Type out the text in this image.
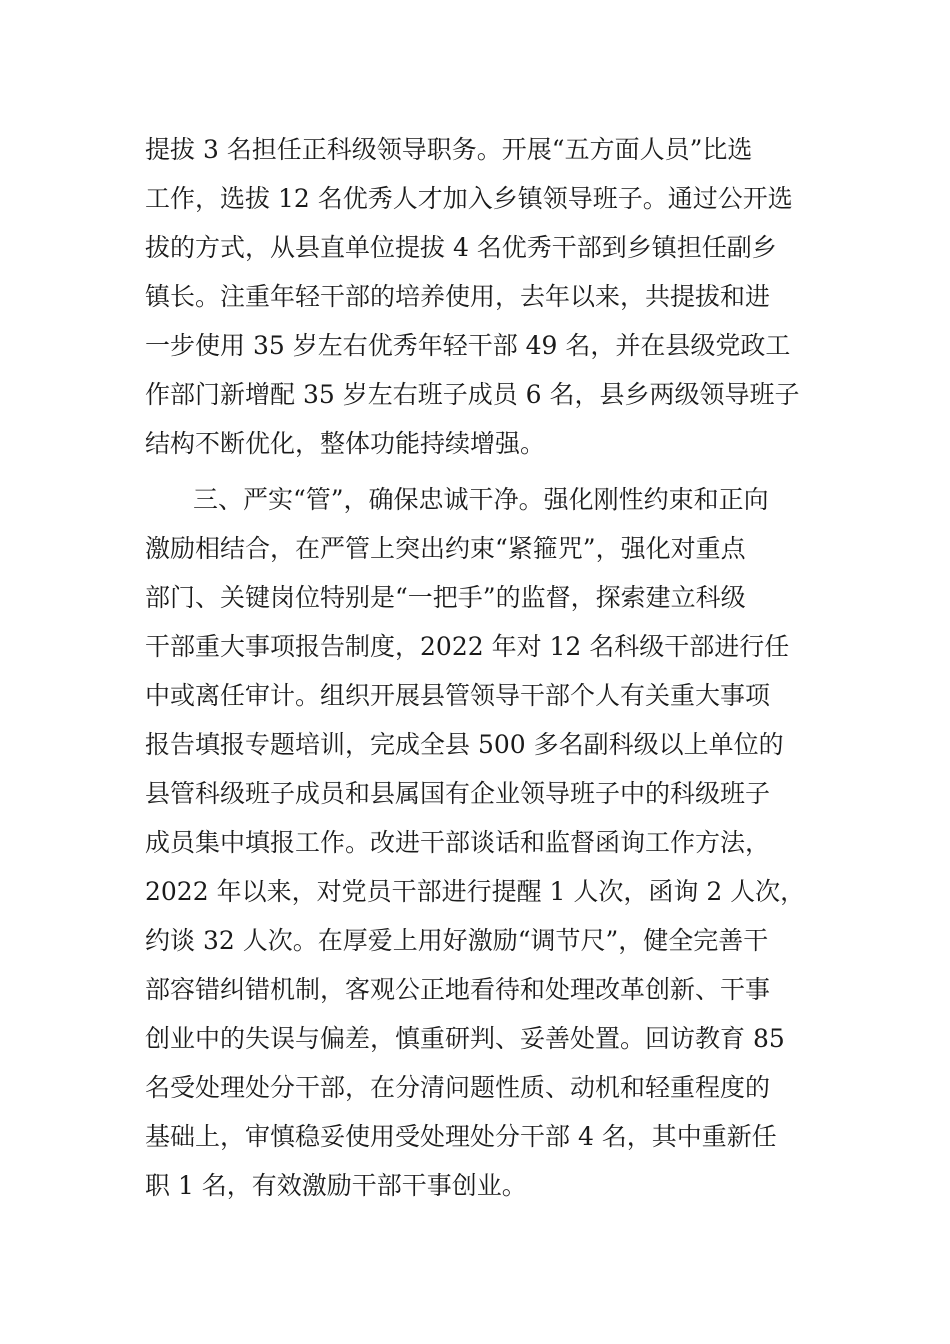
提拔 3 名担任正科级领导职务。开展“五方面人员”比选
工作，选拔 12 名优秀人才加入乡镇领导班子。通过公开选
拔的方式，从县直单位提拔 4 名优秀干部到乡镇担任副乡
镇长。注重年轻干部的培养使用，去年以来，共提拔和进
一步使用 35 岁左右优秀年轻干部 49 名，并在县级党政工
作部门新增配 35 岁左右班子成员 6 名，县乡两级领导班子
结构不断优化，整体功能持续增强。
三、严实“管”，确保忠诚干净。强化刚性约束和正向
激励相结合，在严管上突出约束“紧箍咒”，强化对重点
部门、关键岗位特别是“一把手”的监督，探索建立科级
干部重大事项报告制度，2022 年对 12 名科级干部进行任
中或离任审计。组织开展县管领导干部个人有关重大事项
报告填报专题培训，完成全县 500 多名副科级以上单位的
县管科级班子成员和县属国有企业领导班子中的科级班子
成员集中填报工作。改进干部谈话和监督函询工作方法，
2022 年以来，对党员干部进行提醒 1 人次，函询 2 人次，
约谈 32 人次。在厚爱上用好激励“调节尺”，健全完善干
部容错纠错机制，客观公正地看待和处理改革创新、干事
创业中的失误与偏差，慎重研判、妥善处置。回访教育 85
名受处理处分干部，在分清问题性质、动机和轻重程度的
基础上，审慎稳妥使用受处理处分干部 4 名，其中重新任
职 1 名，有效激励干部干事创业。
